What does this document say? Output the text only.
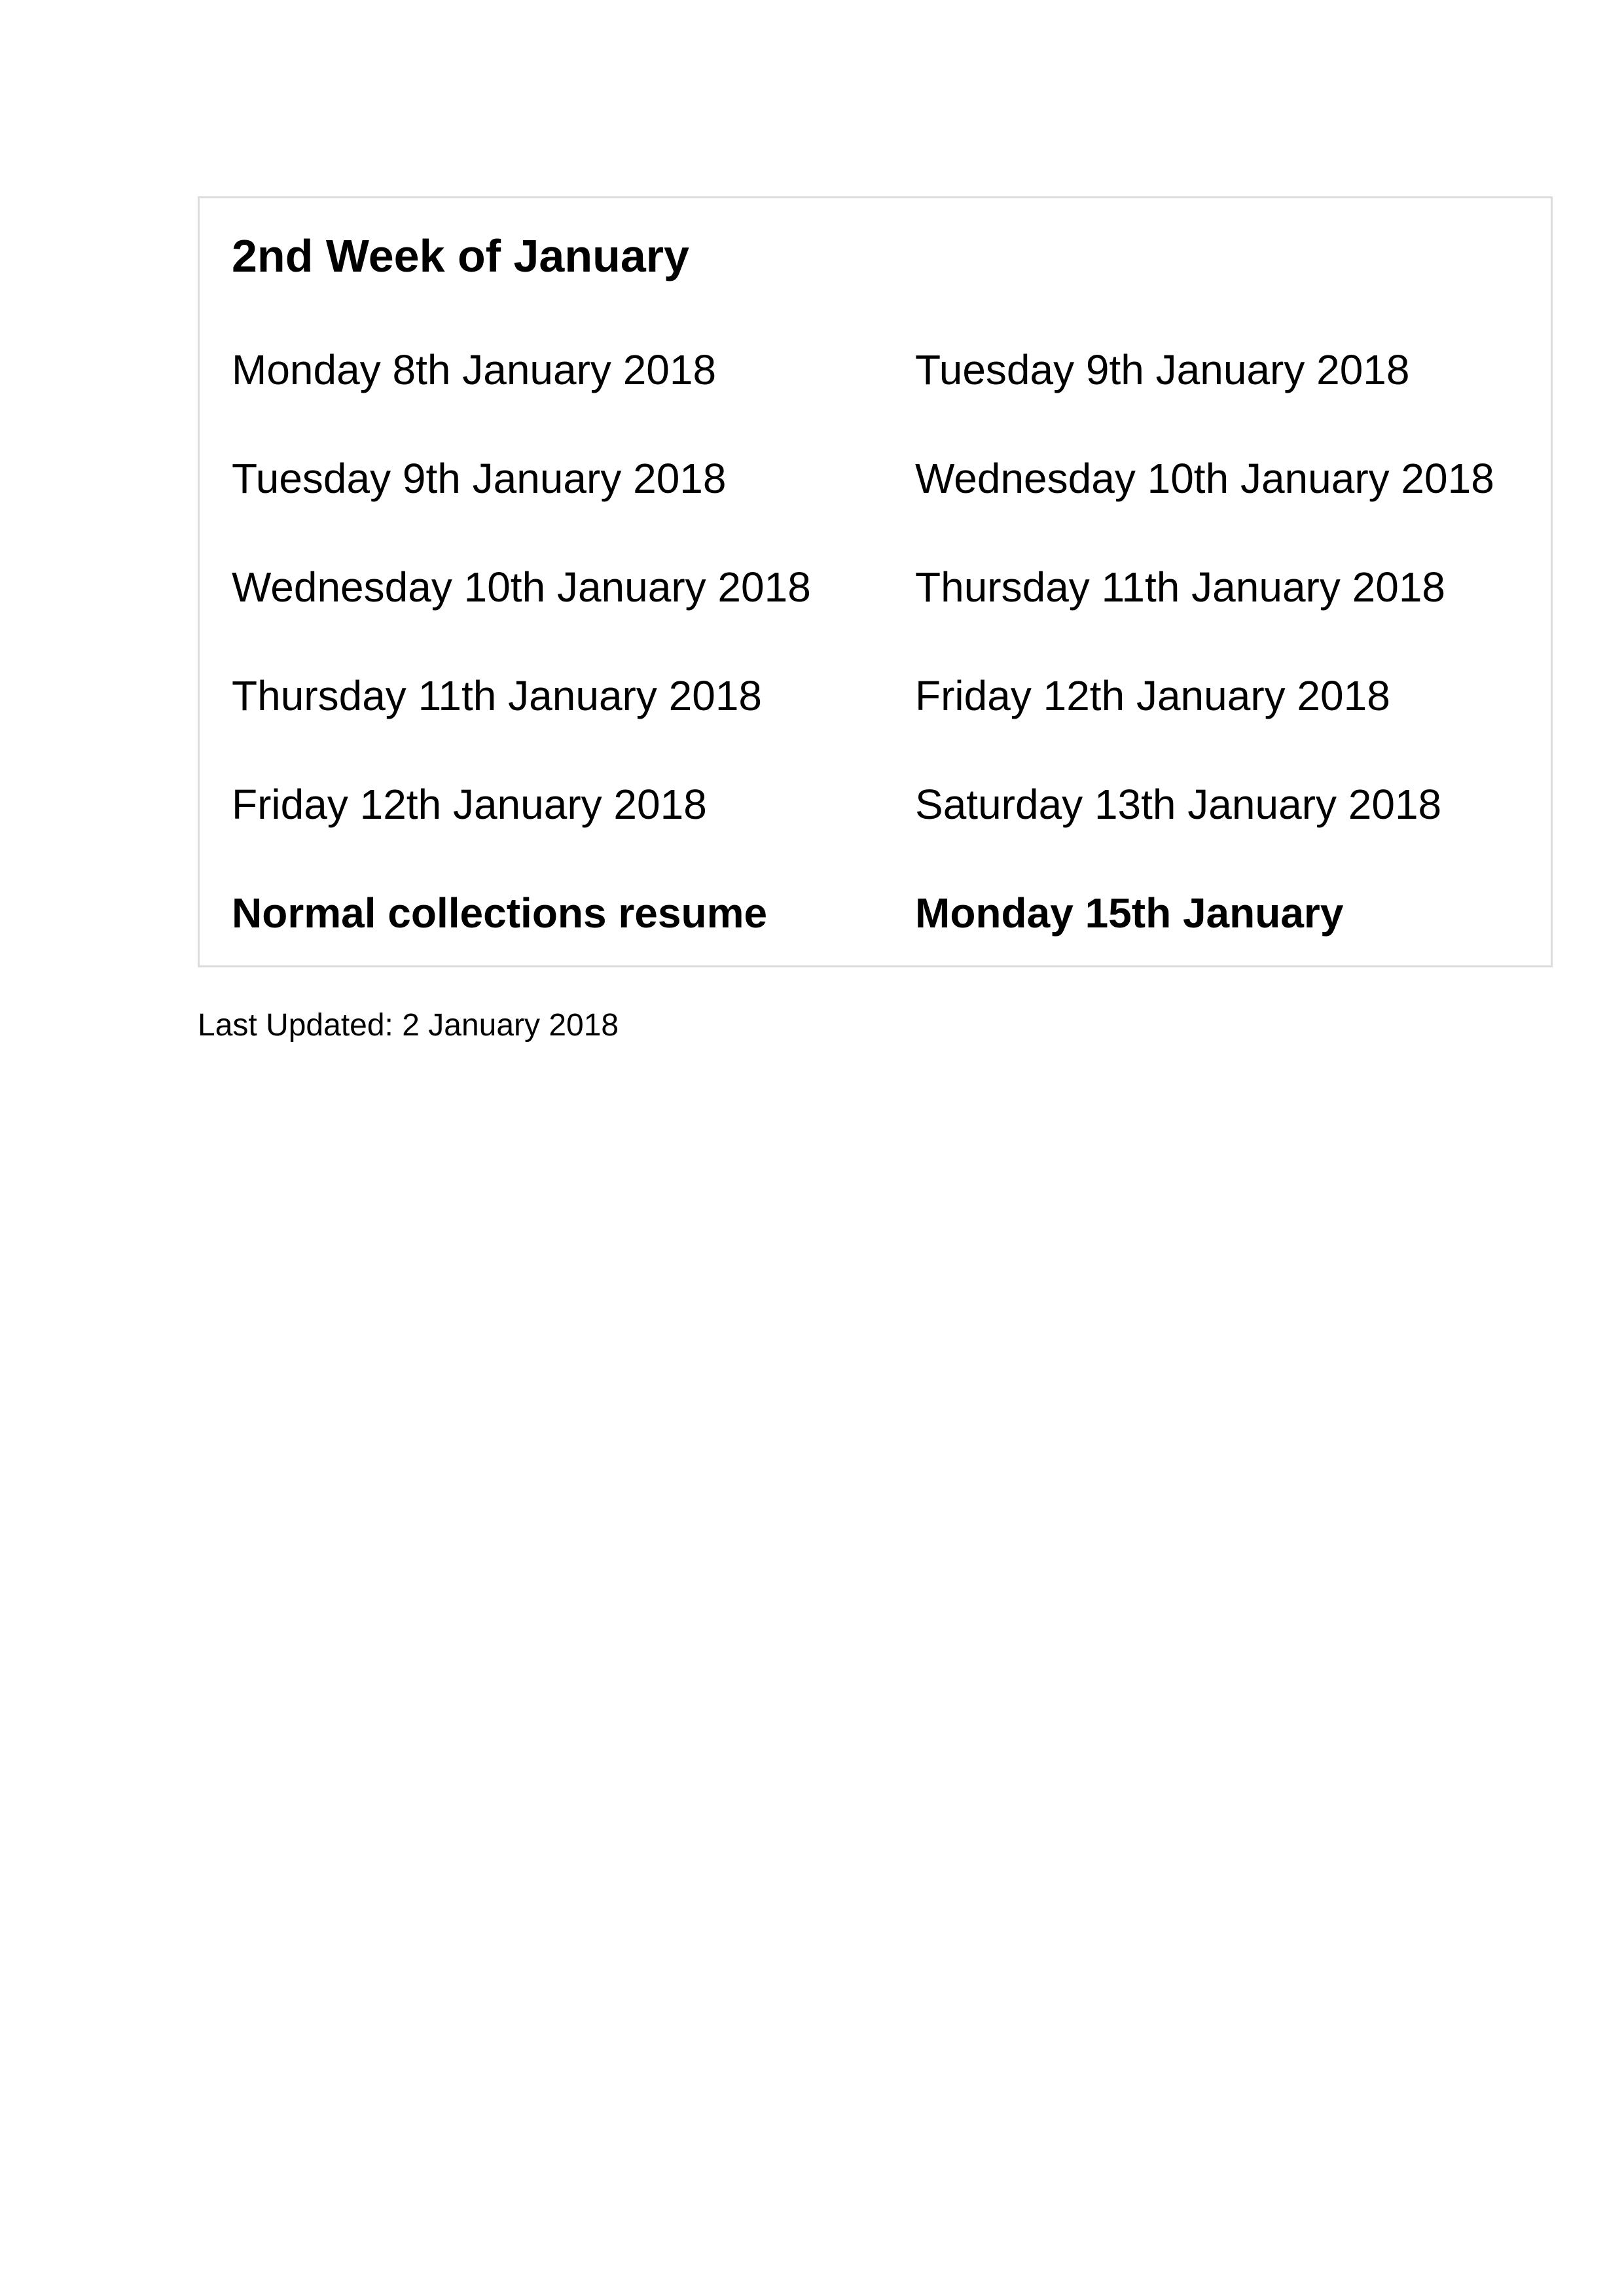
2nd Week of January
Monday 8th January 2018	Tuesday 9th January 2018
Tuesday 9th January 2018	Wednesday 10th January 2018
Wednesday 10th January 2018 Thursday 11th January 2018
Thursday 11th January 2018	Friday 12th January 2018
Friday 12th January 2018	Saturday 13th January 2018
Normal collections resume	Monday 15th January
Last Updated: 2 January 2018
